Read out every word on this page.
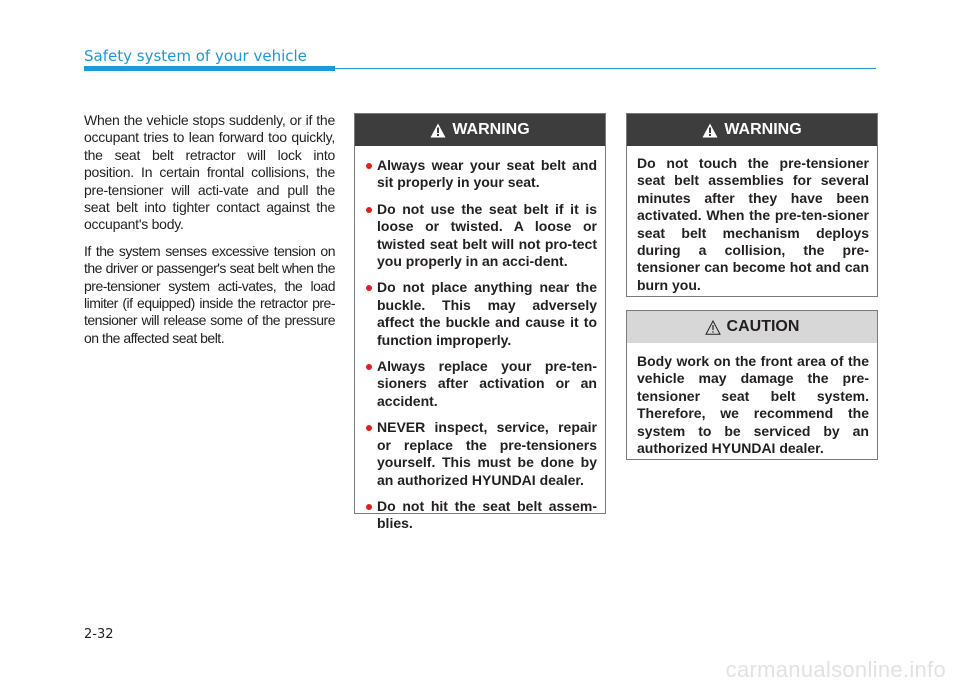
Safety system of your vehicle

When the vehicle stops suddenly, or if the occupant tries to lean forward too quickly, the seat belt retractor will lock into position. In certain frontal collisions, the pre-tensioner will acti-vate and pull the seat belt into tighter contact against the occupant's body.

If the system senses excessive tension on the driver or passenger's seat belt when the pre-tensioner system acti-vates, the load limiter (if equipped) inside the retractor pre-tensioner will release some of the pressure on the affected seat belt.

WARNING
Always wear your seat belt and sit properly in your seat.
Do not use the seat belt if it is loose or twisted. A loose or twisted seat belt will not pro-tect you properly in an acci-dent.
Do not place anything near the buckle. This may adversely affect the buckle and cause it to function improperly.
Always replace your pre-ten-sioners after activation or an accident.
NEVER inspect, service, repair or replace the pre-tensioners yourself. This must be done by an authorized HYUNDAI dealer.
Do not hit the seat belt assem-blies.
WARNING

Do not touch the pre-tensioner seat belt assemblies for several minutes after they have been activated. When the pre-ten-sioner seat belt mechanism deploys during a collision, the pre-tensioner can become hot and can burn you.

CAUTION

Body work on the front area of the vehicle may damage the pre-tensioner seat belt system. Therefore, we recommend the system to be serviced by an authorized HYUNDAI dealer.

2-32
carmanualsonline.info
